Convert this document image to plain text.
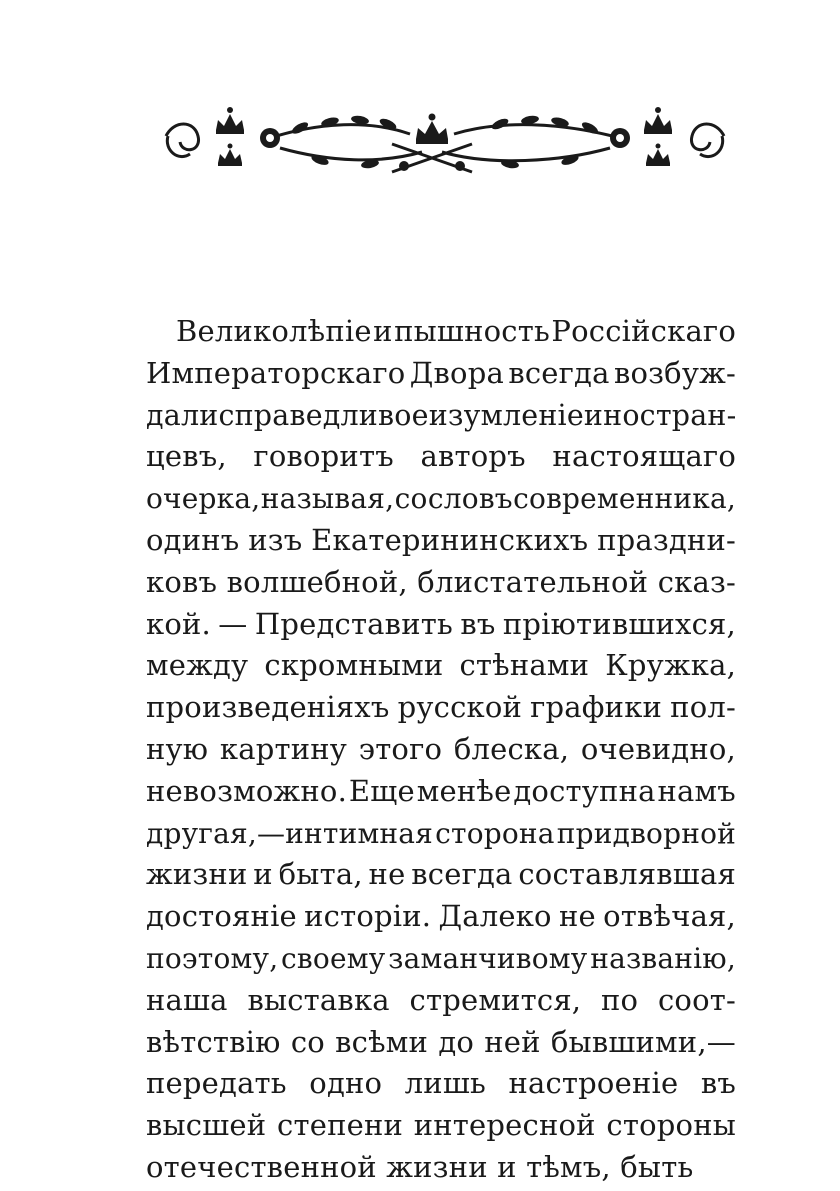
Великолѣпіе и пышность Россійскаго
Императорскаго Двора всегда возбуж-
дали справедливое изумленіе иностран-
цевъ, говоритъ авторъ настоящаго
очерка, называя, со словъ современника,
одинъ изъ Екатерининскихъ праздни-
ковъ волшебной, блистательной сказ-
кой. — Представить въ пріютившихся,
между скромными стѣнами Кружка,
произведеніяхъ русской графики пол-
ную картину этого блеска, очевидно,
невозможно. Еще менѣе доступна намъ
другая,—интимная сторона придворной
жизни и быта, не всегда составлявшая
достояніе исторіи. Далеко не отвѣчая,
поэтому, своему заманчивому названію,
наша выставка стремится, по соот-
вѣтствію со всѣми до ней бывшими,—
передать одно лишь настроеніе въ
высшей степени интересной стороны
отечественной жизни и тѣмъ, быть
